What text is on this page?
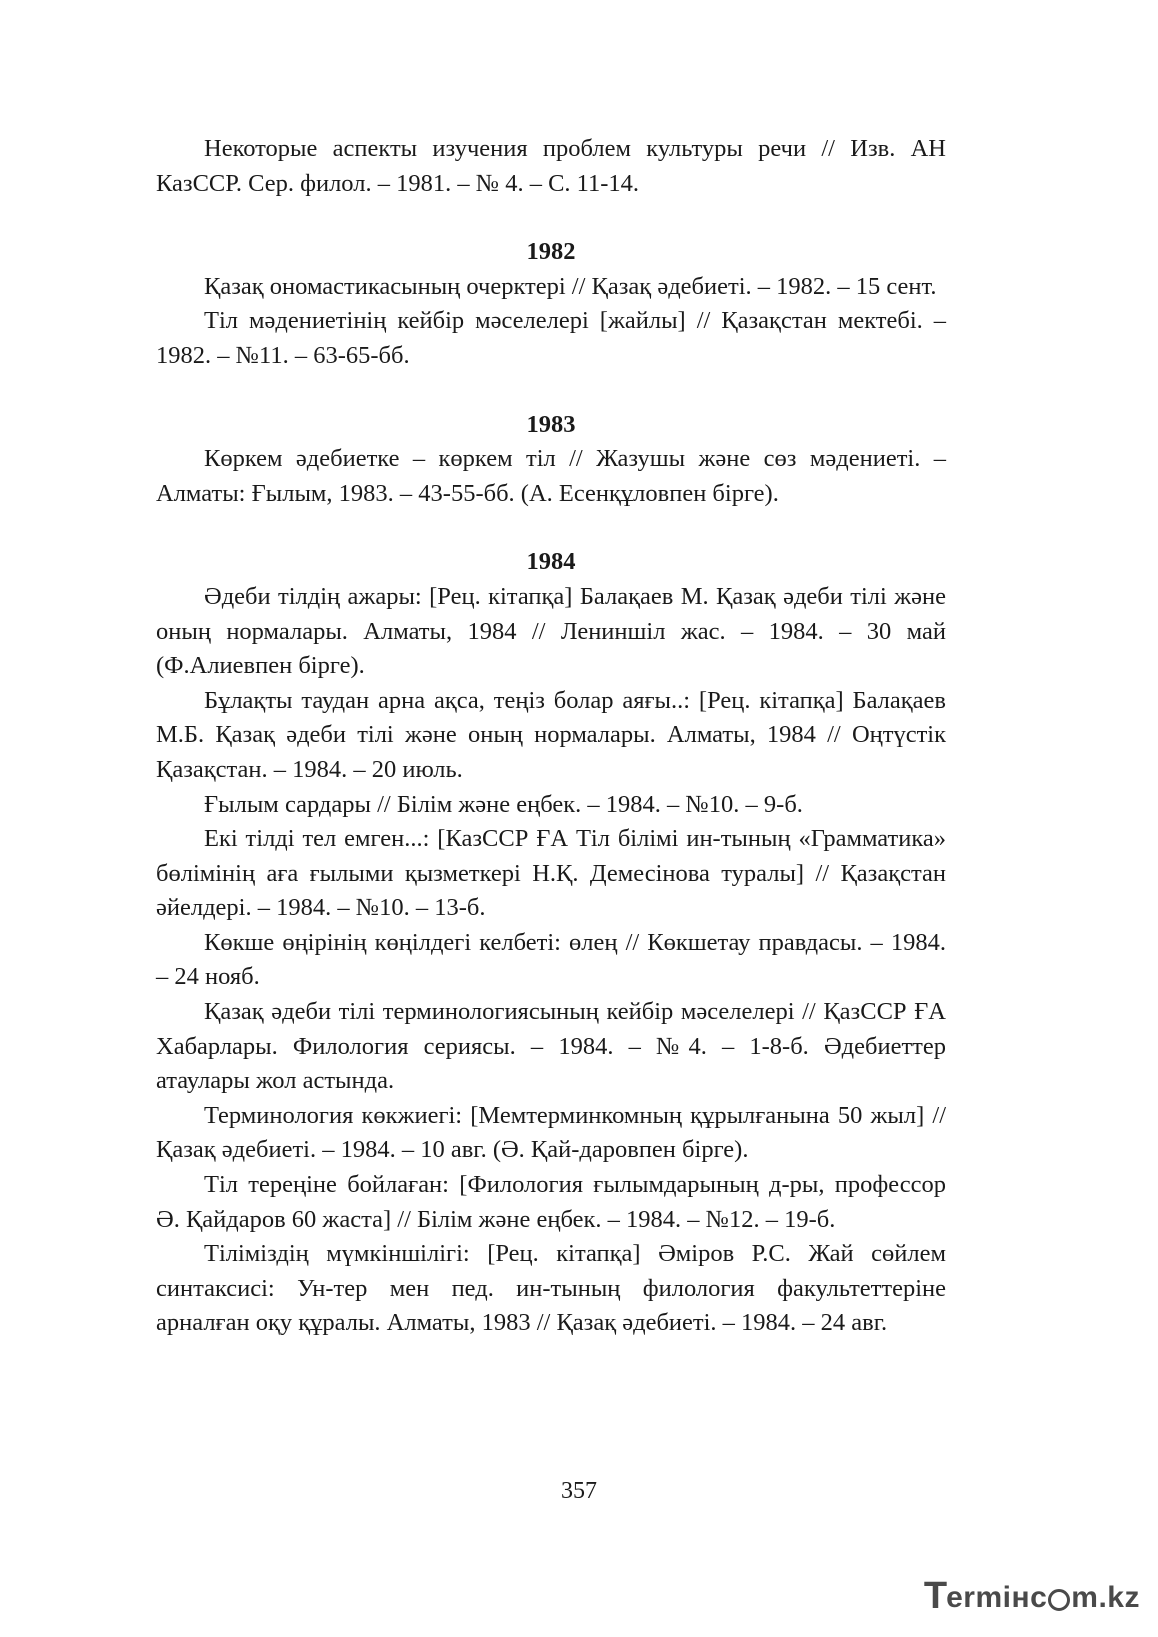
Некоторые аспекты изучения проблем культуры речи // Изв. АН КазССР. Сер. филол. – 1981. – № 4. – С. 11-14.

1982

Қазақ ономастикасының очерктері // Қазақ әдебиеті. – 1982. – 15 сент.

Тіл мәдениетінің кейбір мәселелері [жайлы] // Қазақстан мектебі. – 1982. – №11. – 63-65-бб.

1983

Көркем әдебиетке – көркем тіл // Жазушы және сөз мәдениеті. – Алматы: Ғылым, 1983. – 43-55-бб. (А. Есенқұловпен бірге).

1984

Әдеби тілдің ажары: [Рец. кітапқа] Балақаев М. Қазақ әдеби тілі және оның нормалары. Алматы, 1984 // Лениншіл жас. – 1984. – 30 май (Ф.Алиевпен бірге).

Бұлақты таудан арна ақса, теңіз болар аяғы..: [Рец. кітапқа] Балақаев М.Б. Қазақ әдеби тілі және оның нормалары. Алматы, 1984 // Оңтүстік Қазақстан. – 1984. – 20 июль.

Ғылым сардары // Білім және еңбек. – 1984. – №10. – 9-б.

Екі тілді тел емген...: [КазССР ҒА Тіл білімі ин-тының «Грамматика» бөлімінің аға ғылыми қызметкері Н.Қ. Демесінова туралы] // Қазақстан әйелдері. – 1984. – №10. – 13-б.

Көкше өңірінің көңілдегі келбеті: өлең // Көкшетау правдасы. – 1984. – 24 нояб.

Қазақ әдеби тілі терминологиясының кейбір мәселелері // ҚазССР ҒА Хабарлары. Филология сериясы. – 1984. – №4. – 1-8-б. Әдебиеттер атаулары жол астында.

Терминология көкжиегі: [Мемтерминкомның құрылғанына 50 жыл] // Қазақ әдебиеті. – 1984. – 10 авг. (Ә. Қай-даровпен бірге).

Тіл тереңіне бойлаған: [Филология ғылымдарының д-ры, профессор Ә. Қайдаров 60 жаста] // Білім және еңбек. – 1984. – №12. – 19-б.

Тіліміздің мүмкіншілігі: [Рец. кітапқа] Әміров Р.С. Жай сөйлем синтаксисі: Ун-тер мен пед. ин-тының филология факультеттеріне арналған оқу құралы. Алматы, 1983 // Қазақ әдебиеті. – 1984. – 24 авг.

357
T ermінc m.kz
